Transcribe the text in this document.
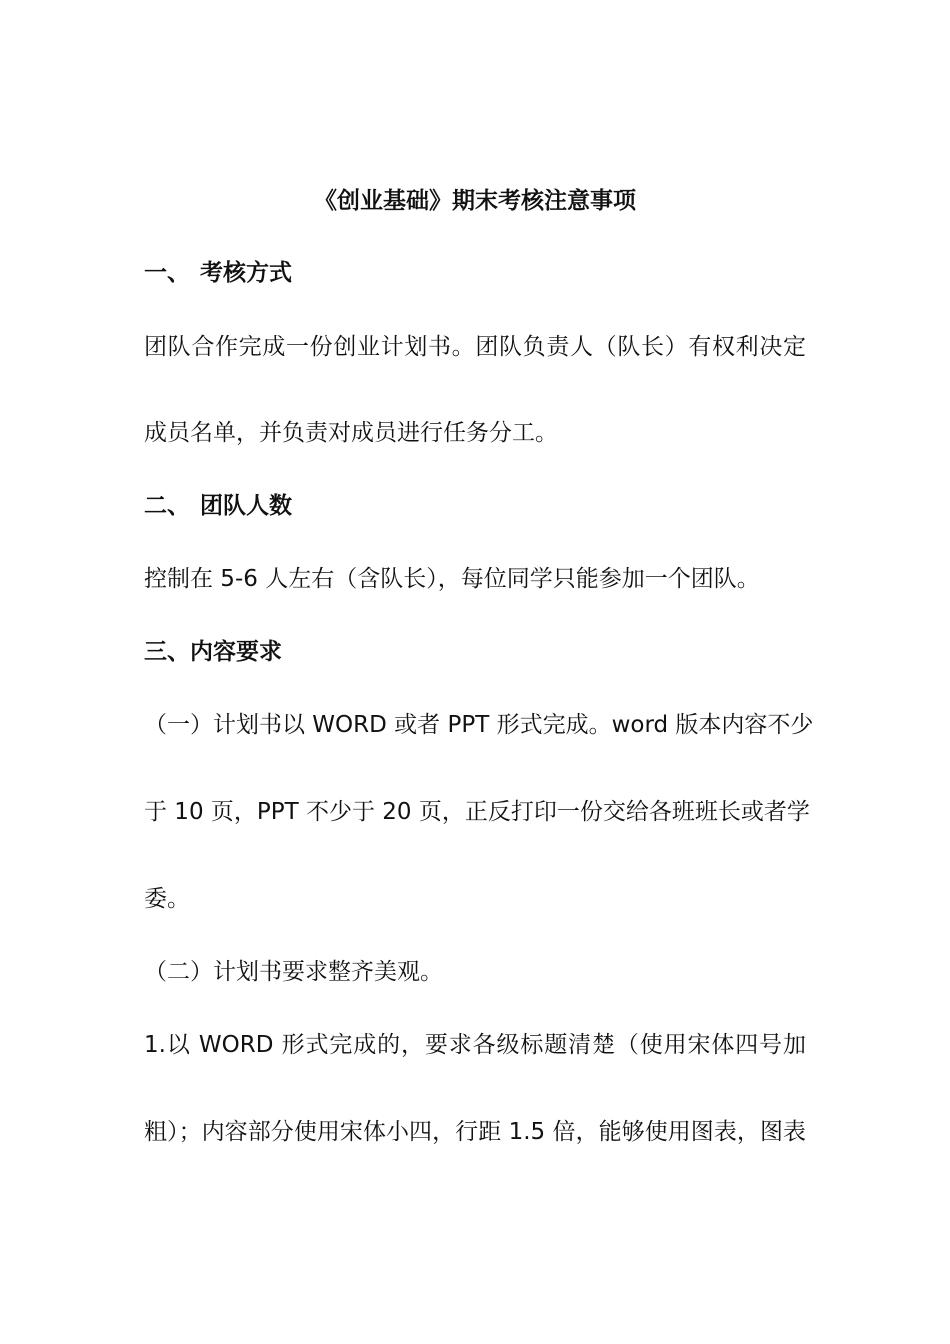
《创业基础》期末考核注意事项
一、 考核方式
团队合作完成一份创业计划书。团队负责人（队长）有权利决定
成员名单，并负责对成员进行任务分工。
二、 团队人数
控制在 5-6 人左右（含队长），每位同学只能参加一个团队。
三、内容要求
（一）计划书以 WORD 或者 PPT 形式完成。word 版本内容不少
于 10 页，PPT 不少于 20 页，正反打印一份交给各班班长或者学
委。
（二）计划书要求整齐美观。
1.以 WORD 形式完成的，要求各级标题清楚（使用宋体四号加
粗）；内容部分使用宋体小四，行距 1.5 倍，能够使用图表，图表
